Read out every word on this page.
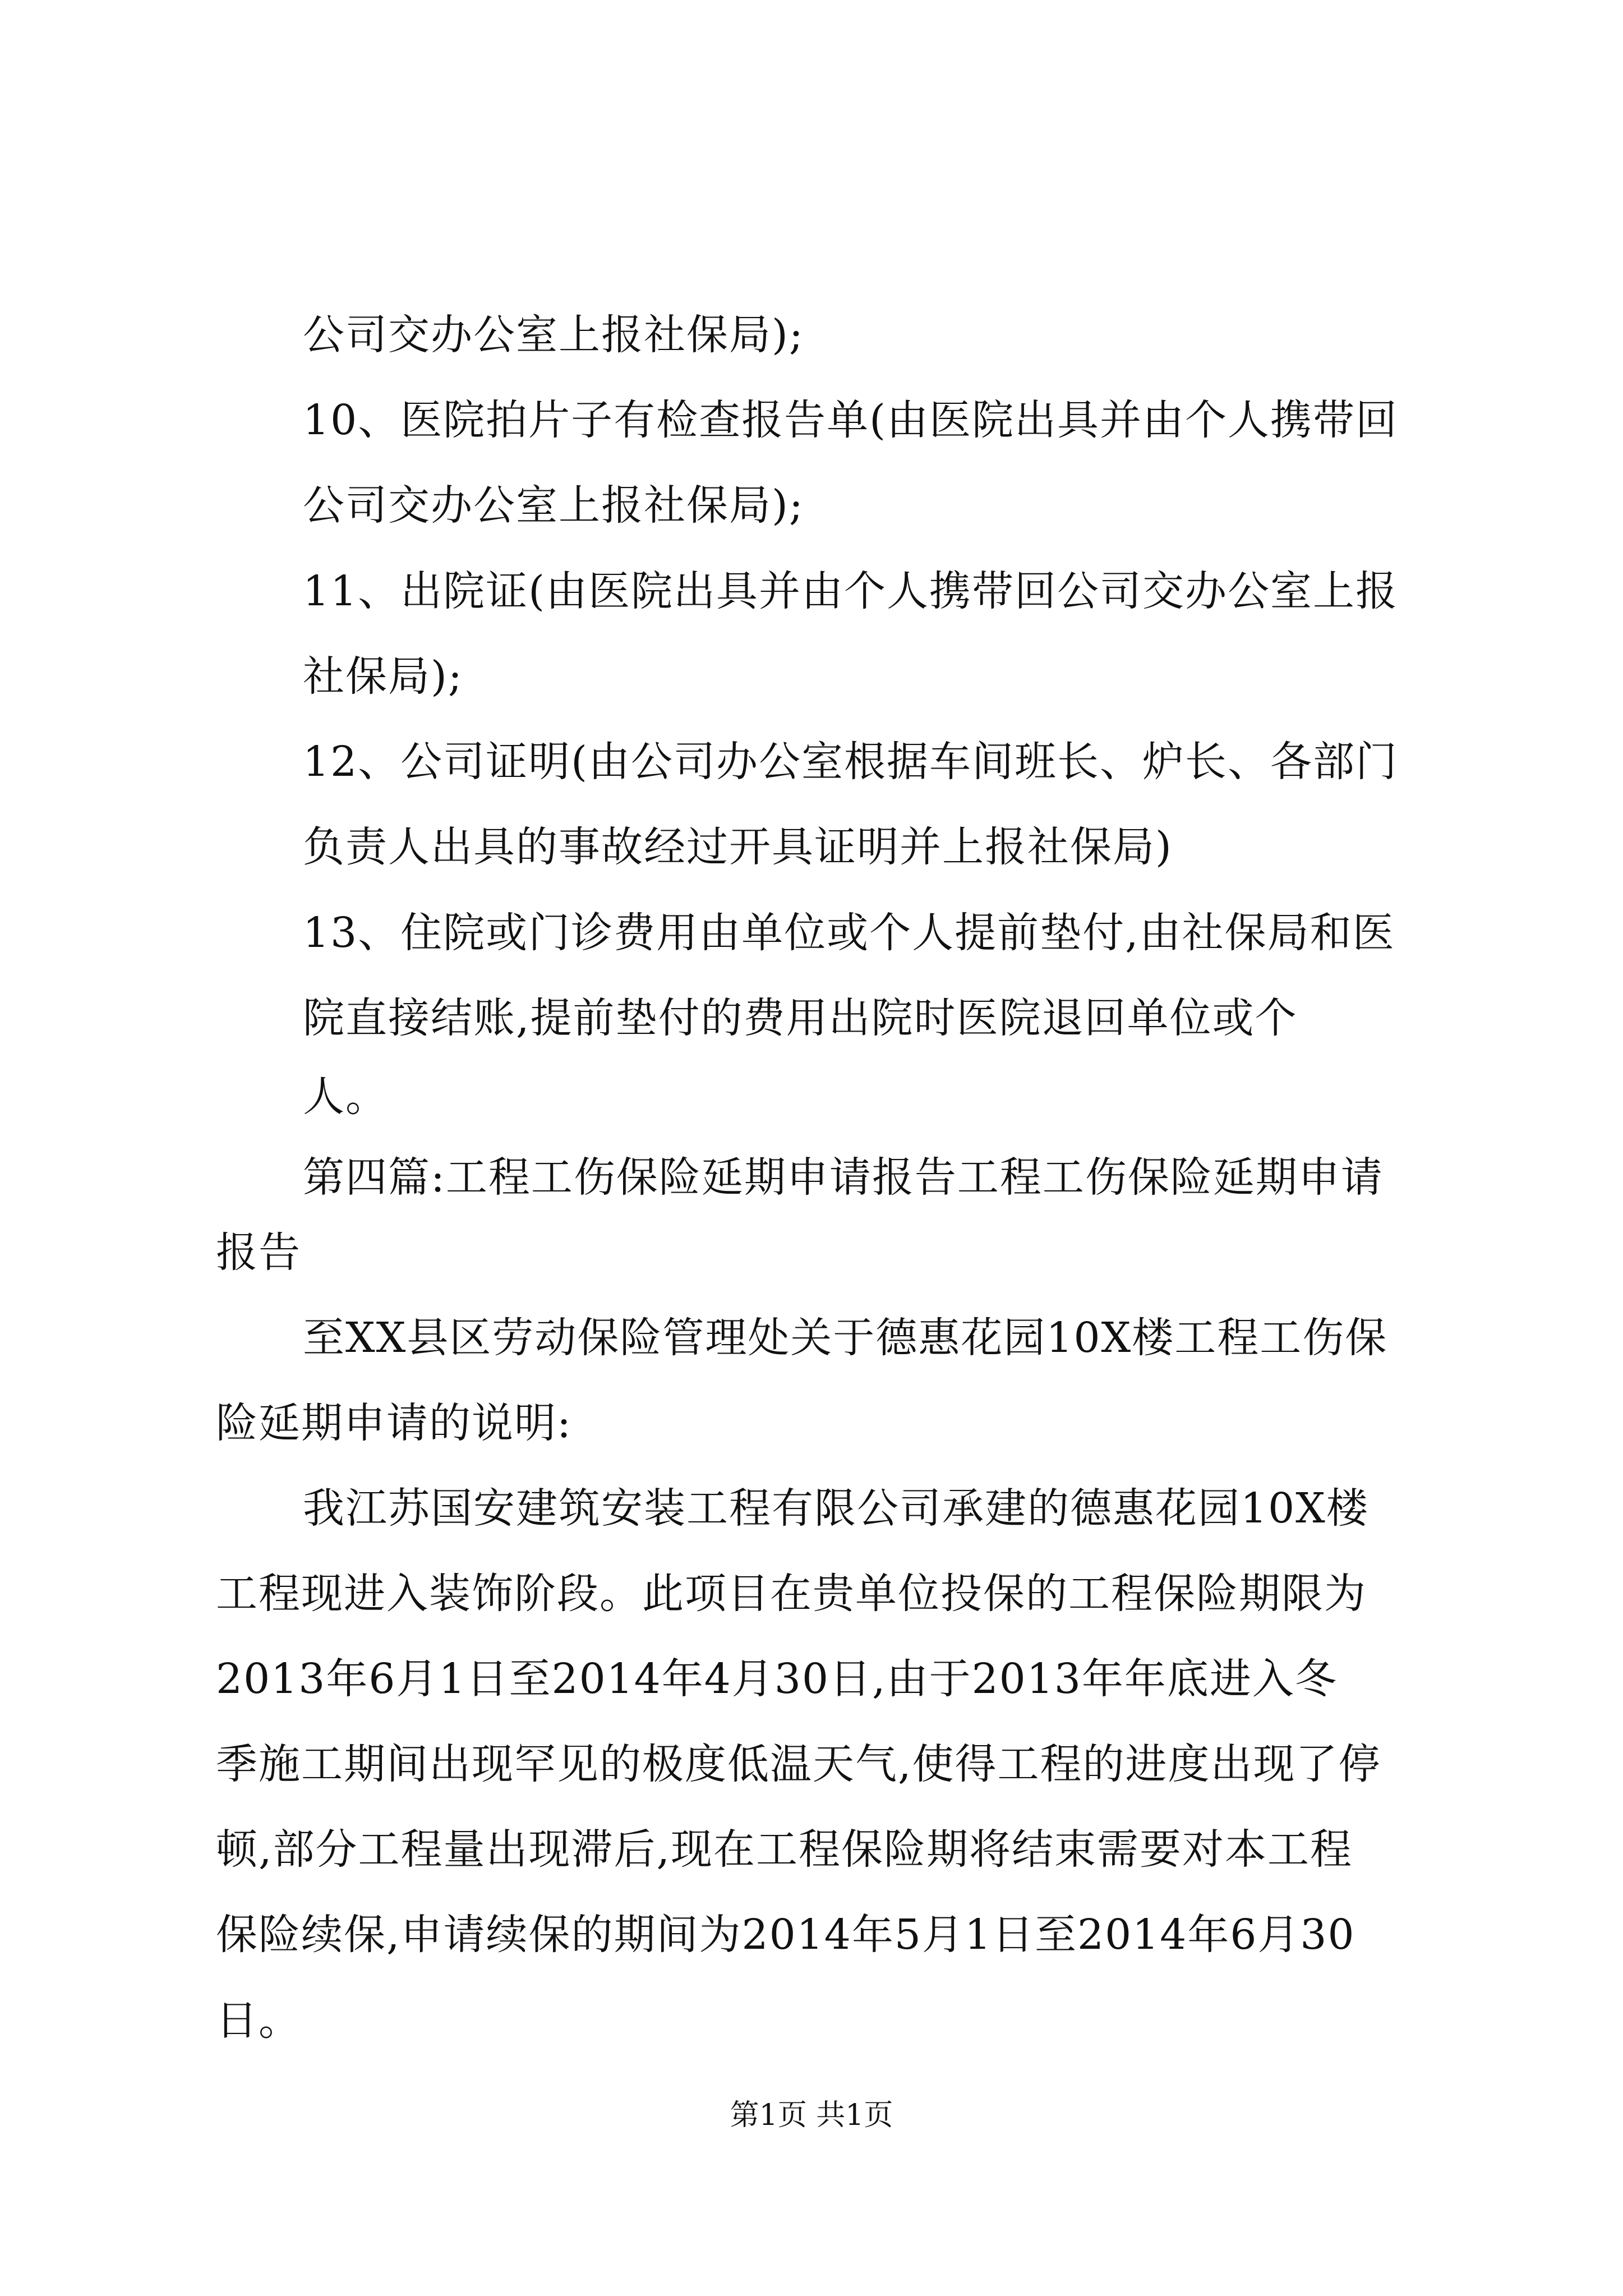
公司交办公室上报社保局);
10、医院拍片子有检查报告单(由医院出具并由个人携带回
公司交办公室上报社保局);
11、出院证(由医院出具并由个人携带回公司交办公室上报
社保局);
12、公司证明(由公司办公室根据车间班长、炉长、各部门
负责人出具的事故经过开具证明并上报社保局)
13、住院或门诊费用由单位或个人提前垫付,由社保局和医
院直接结账,提前垫付的费用出院时医院退回单位或个
人。
第四篇:工程工伤保险延期申请报告工程工伤保险延期申请
报告
至XX县区劳动保险管理处关于德惠花园10X楼工程工伤保
险延期申请的说明:
我江苏国安建筑安装工程有限公司承建的德惠花园10X楼
工程现进入装饰阶段。此项目在贵单位投保的工程保险期限为
2013年6月1日至2014年4月30日,由于2013年年底进入冬
季施工期间出现罕见的极度低温天气,使得工程的进度出现了停
顿,部分工程量出现滞后,现在工程保险期将结束需要对本工程
保险续保,申请续保的期间为2014年5月1日至2014年6月30
日。
第1页 共1页
